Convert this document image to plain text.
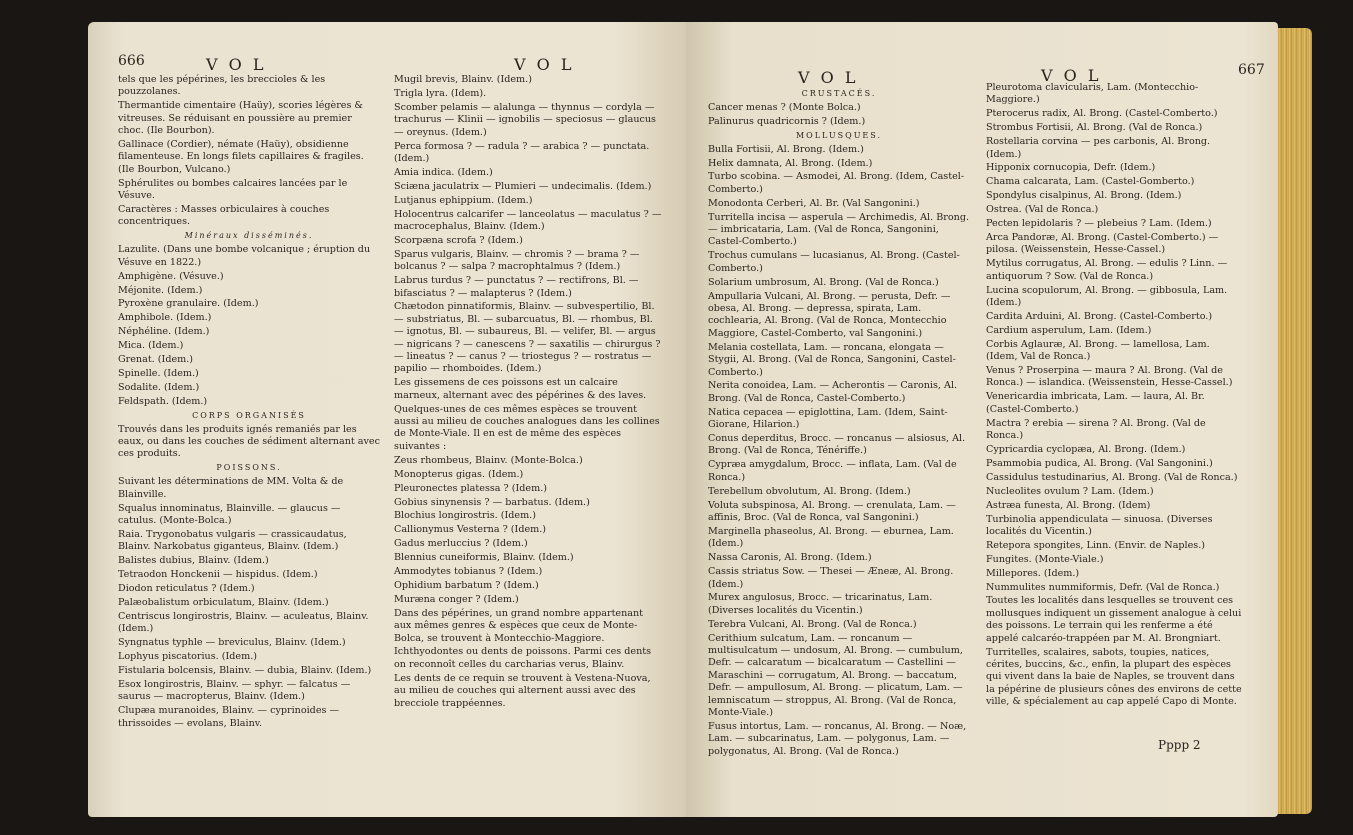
666	V O L	V O L

tels que les pépérines, les breccioles & les pouzzolanes.

Thermantide cimentaire (Haüy), scories légères & vitreuses. Se réduisant en poussière au premier choc. (Ile Bourbon).

Gallinace (Cordier), némate (Haüy), obsidienne filamenteuse. En longs filets capillaires & fragiles. (Ile Bourbon, Vulcano.)

Sphérulites ou bombes calcaires lancées par le Vésuve.

Caractères : Masses orbiculaires à couches concentriques.

Minéraux disséminés.

Lazulite. (Dans une bombe volcanique ; éruption du Vésuve en 1822.)

Amphigène. (Vésuve.)

Méjonite. (Idem.)

Pyroxène granulaire. (Idem.)

Amphibole. (Idem.)

Néphéline. (Idem.)

Mica. (Idem.)

Grenat. (Idem.)

Spinelle. (Idem.)

Sodalite. (Idem.)

Feldspath. (Idem.)

CORPS ORGANISÉS

Trouvés dans les produits ignés remaniés par les eaux, ou dans les couches de sédiment alternant avec ces produits.

POISSONS.

Suivant les déterminations de MM. Volta & de Blainville.

Squalus innominatus, Blainville. — glaucus — catulus. (Monte-Bolca.)

Raia. Trygonobatus vulgaris — crassicaudatus, Blainv. Narkobatus giganteus, Blainv. (Idem.)

Balistes dubius, Blainv. (Idem.)

Tetraodon Honckenii — hispidus. (Idem.)

Diodon reticulatus ? (Idem.)

Palæobalistum orbiculatum, Blainv. (Idem.)

Centriscus longirostris, Blainv. — aculeatus, Blainv. (Idem.)

Syngnatus typhle — breviculus, Blainv. (Idem.)

Lophyus piscatorius. (Idem.)

Fistularia bolcensis, Blainv. — dubia, Blainv. (Idem.)

Esox longirostris, Blainv. — sphyr. — falcatus — saurus — macropterus, Blainv. (Idem.)

Clupæa muranoides, Blainv. — cyprinoides — thrissoides — evolans, Blainv.

Mugil brevis, Blainv. (Idem.)

Trigla lyra. (Idem).

Scomber pelamis — alalunga — thynnus — cordyla — trachurus — Klinii — ignobilis — speciosus — glaucus — oreynus. (Idem.)

Perca formosa ? — radula ? — arabica ? — punctata. (Idem.)

Amia indica. (Idem.)

Sciæna jaculatrix — Plumieri — undecimalis. (Idem.)

Lutjanus ephippium. (Idem.)

Holocentrus calcarifer — lanceolatus — maculatus ? — macrocephalus, Blainv. (Idem.)

Scorpæna scrofa ? (Idem.)

Sparus vulgaris, Blainv. — chromis ? — brama ? — bolcanus ? — salpa ? macrophtalmus ? (Idem.)

Labrus turdus ? — punctatus ? — rectifrons, Bl. — bifasciatus ? — malapterus ? (Idem.)

Chætodon pinnatiformis, Blainv. — subvespertilio, Bl. — substriatus, Bl. — subarcuatus, Bl. — rhombus, Bl. — ignotus, Bl. — subaureus, Bl. — velifer, Bl. — argus — nigricans ? — canescens ? — saxatilis — chirurgus ? — lineatus ? — canus ? — triostegus ? — rostratus — papilio — rhomboides. (Idem.)

Les gissemens de ces poissons est un calcaire marneux, alternant avec des pépérines & des laves.

Quelques-unes de ces mêmes espèces se trouvent aussi au milieu de couches analogues dans les collines de Monte-Viale. Il en est de même des espèces suivantes :

Zeus rhombeus, Blainv. (Monte-Bolca.)

Monopterus gigas. (Idem.)

Pleuronectes platessa ? (Idem.)

Gobius sinynensis ? — barbatus. (Idem.)

Blochius longirostris. (Idem.)

Callionymus Vesterna ? (Idem.)

Gadus merluccius ? (Idem.)

Blennius cuneiformis, Blainv. (Idem.)

Ammodytes tobianus ? (Idem.)

Ophidium barbatum ? (Idem.)

Muræna conger ? (Idem.)

Dans des pépérines, un grand nombre appartenant aux mêmes genres & espèces que ceux de Monte-Bolca, se trouvent à Montecchio-Maggiore.

Ichthyodontes ou dents de poissons. Parmi ces dents on reconnoît celles du carcharias verus, Blainv.

Les dents de ce requin se trouvent à Vestena-Nuova, au milieu de couches qui alternent aussi avec des brecciole trappéennes.

V O L	V O L	667

CRUSTACÉS.

Cancer menas ? (Monte Bolca.)

Palinurus quadricornis ? (Idem.)

MOLLUSQUES.

Bulla Fortisii, Al. Brong. (Idem.)

Helix damnata, Al. Brong. (Idem.)

Turbo scobina. — Asmodei, Al. Brong. (Idem, Castel-Comberto.)

Monodonta Cerberi, Al. Br. (Val Sangonini.)

Turritella incisa — asperula — Archimedis, Al. Brong. — imbricataria, Lam. (Val de Ronca, Sangonini, Castel-Comberto.)

Trochus cumulans — lucasianus, Al. Brong. (Castel-Comberto.)

Solarium umbrosum, Al. Brong. (Val de Ronca.)

Ampullaria Vulcani, Al. Brong. — perusta, Defr. — obesa, Al. Brong. — depressa, spirata, Lam. cochlearia, Al. Brong. (Val de Ronca, Montecchio Maggiore, Castel-Comberto, val Sangonini.)

Melania costellata, Lam. — roncana, elongata — Stygii, Al. Brong. (Val de Ronca, Sangonini, Castel-Comberto.)

Nerita conoidea, Lam. — Acherontis — Caronis, Al. Brong. (Val de Ronca, Castel-Comberto.)

Natica cepacea — epiglottina, Lam. (Idem, Saint-Giorane, Hilarion.)

Conus deperditus, Brocc. — roncanus — alsiosus, Al. Brong. (Val de Ronca, Ténériffe.)

Cypræa amygdalum, Brocc. — inflata, Lam. (Val de Ronca.)

Terebellum obvolutum, Al. Brong. (Idem.)

Voluta subspinosa, Al. Brong. — crenulata, Lam. — affinis, Broc. (Val de Ronca, val Sangonini.)

Marginella phaseolus, Al. Brong. — eburnea, Lam. (Idem.)

Nassa Caronis, Al. Brong. (Idem.)

Cassis striatus Sow. — Thesei — Æneæ, Al. Brong. (Idem.)

Murex angulosus, Brocc. — tricarinatus, Lam. (Diverses localités du Vicentin.)

Terebra Vulcani, Al. Brong. (Val de Ronca.)

Cerithium sulcatum, Lam. — roncanum — multisulcatum — undosum, Al. Brong. — cumbulum, Defr. — calcaratum — bicalcaratum — Castellini — Maraschini — corrugatum, Al. Brong. — baccatum, Defr. — ampullosum, Al. Brong. — plicatum, Lam. — lemniscatum — stroppus, Al. Brong. (Val de Ronca, Monte-Viale.)

Fusus intortus, Lam. — roncanus, Al. Brong. — Noæ, Lam. — subcarinatus, Lam. — polygonus, Lam. — polygonatus, Al. Brong. (Val de Ronca.)

Pleurotoma clavicularis, Lam. (Montecchio-Maggiore.)

Pterocerus radix, Al. Brong. (Castel-Comberto.)

Strombus Fortisii, Al. Brong. (Val de Ronca.)

Rostellaria corvina — pes carbonis, Al. Brong. (Idem.)

Hipponix cornucopia, Defr. (Idem.)

Chama calcarata, Lam. (Castel-Gomberto.)

Spondylus cisalpinus, Al. Brong. (Idem.)

Ostrea. (Val de Ronca.)

Pecten lepidolaris ? — plebeius ? Lam. (Idem.)

Arca Pandoræ, Al. Brong. (Castel-Comberto.) — pilosa. (Weissenstein, Hesse-Cassel.)

Mytilus corrugatus, Al. Brong. — edulis ? Linn. — antiquorum ? Sow. (Val de Ronca.)

Lucina scopulorum, Al. Brong. — gibbosula, Lam. (Idem.)

Cardita Arduini, Al. Brong. (Castel-Comberto.)

Cardium asperulum, Lam. (Idem.)

Corbis Aglauræ, Al. Brong. — lamellosa, Lam. (Idem, Val de Ronca.)

Venus ? Proserpina — maura ? Al. Brong. (Val de Ronca.) — islandica. (Weissenstein, Hesse-Cassel.)

Venericardia imbricata, Lam. — laura, Al. Br. (Castel-Comberto.)

Mactra ? erebia — sirena ? Al. Brong. (Val de Ronca.)

Cypricardia cyclopæa, Al. Brong. (Idem.)

Psammobia pudica, Al. Brong. (Val Sangonini.)

Cassidulus testudinarius, Al. Brong. (Val de Ronca.)

Nucleolites ovulum ? Lam. (Idem.)

Astræa funesta, Al. Brong. (Idem)

Turbinolia appendiculata — sinuosa. (Diverses localités du Vicentin.)

Retepora spongites, Linn. (Envir. de Naples.)

Fungites. (Monte-Viale.)

Millepores. (Idem.)

Nummulites nummiformis, Defr. (Val de Ronca.)

Toutes les localités dans lesquelles se trouvent ces mollusques indiquent un gissement analogue à celui des poissons. Le terrain qui les renferme a été appelé calcaréo-trappéen par M. Al. Brongniart.

Turritelles, scalaires, sabots, toupies, natices, cérites, buccins, &c., enfin, la plupart des espèces qui vivent dans la baie de Naples, se trouvent dans la pépérine de plusieurs cônes des environs de cette ville, & spécialement au cap appelé Capo di Monte.

Pppp 2
